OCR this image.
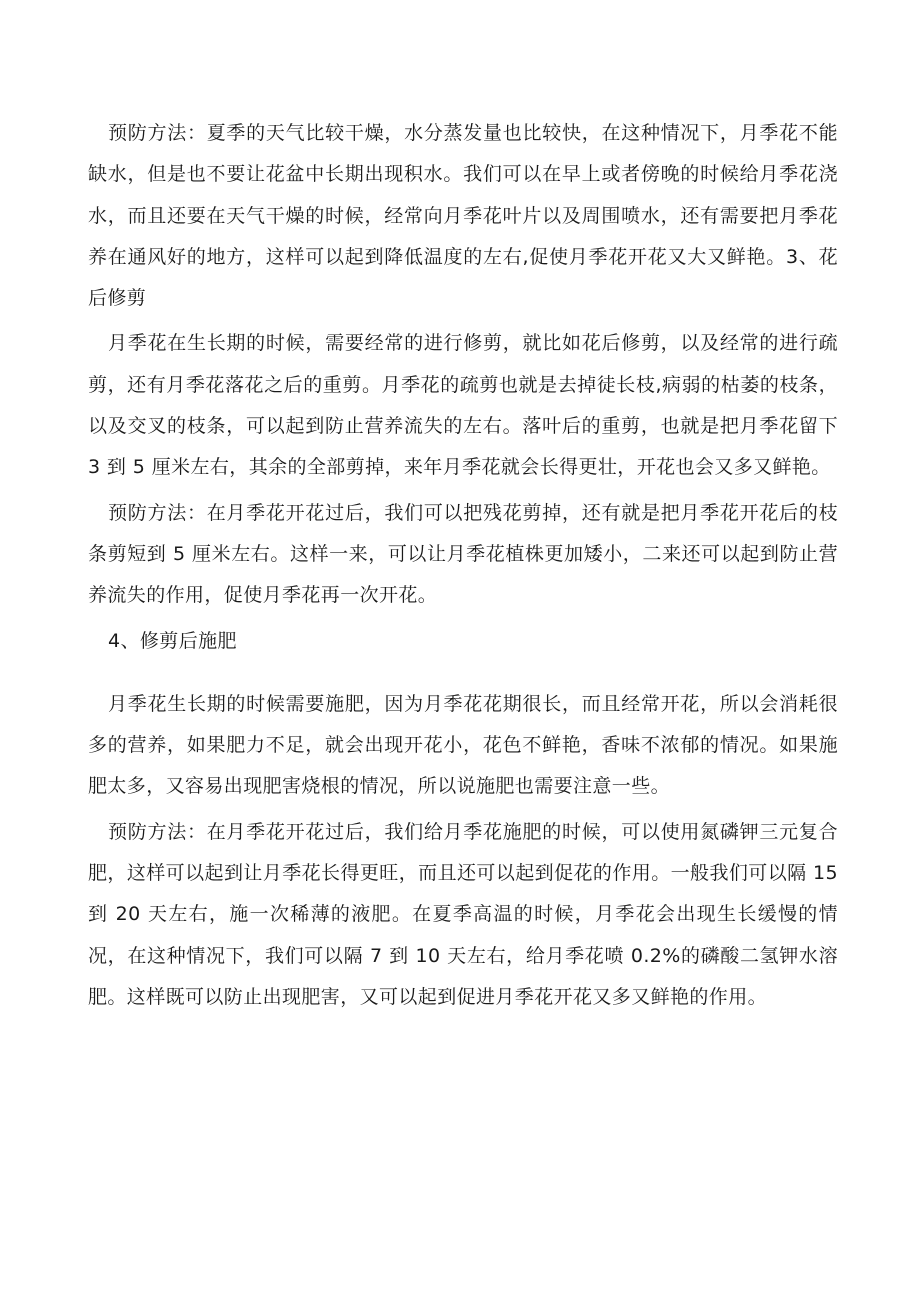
预防方法：夏季的天气比较干燥，水分蒸发量也比较快，在这种情况下，月季花不能缺水，但是也不要让花盆中长期出现积水。我们可以在早上或者傍晚的时候给月季花浇水，而且还要在天气干燥的时候，经常向月季花叶片以及周围喷水，还有需要把月季花养在通风好的地方，这样可以起到降低温度的左右,促使月季花开花又大又鲜艳。3、花后修剪

月季花在生长期的时候，需要经常的进行修剪，就比如花后修剪，以及经常的进行疏剪，还有月季花落花之后的重剪。月季花的疏剪也就是去掉徒长枝,病弱的枯萎的枝条，以及交叉的枝条，可以起到防止营养流失的左右。落叶后的重剪，也就是把月季花留下 3 到 5 厘米左右，其余的全部剪掉，来年月季花就会长得更壮，开花也会又多又鲜艳。

预防方法：在月季花开花过后，我们可以把残花剪掉，还有就是把月季花开花后的枝条剪短到 5 厘米左右。这样一来，可以让月季花植株更加矮小，二来还可以起到防止营养流失的作用，促使月季花再一次开花。

4、修剪后施肥

月季花生长期的时候需要施肥，因为月季花花期很长，而且经常开花，所以会消耗很多的营养，如果肥力不足，就会出现开花小，花色不鲜艳，香味不浓郁的情况。如果施肥太多，又容易出现肥害烧根的情况，所以说施肥也需要注意一些。

预防方法：在月季花开花过后，我们给月季花施肥的时候，可以使用氮磷钾三元复合肥，这样可以起到让月季花长得更旺，而且还可以起到促花的作用。一般我们可以隔 15 到 20 天左右，施一次稀薄的液肥。在夏季高温的时候，月季花会出现生长缓慢的情况，在这种情况下，我们可以隔 7 到 10 天左右，给月季花喷 0.2%的磷酸二氢钾水溶肥。这样既可以防止出现肥害，又可以起到促进月季花开花又多又鲜艳的作用。
